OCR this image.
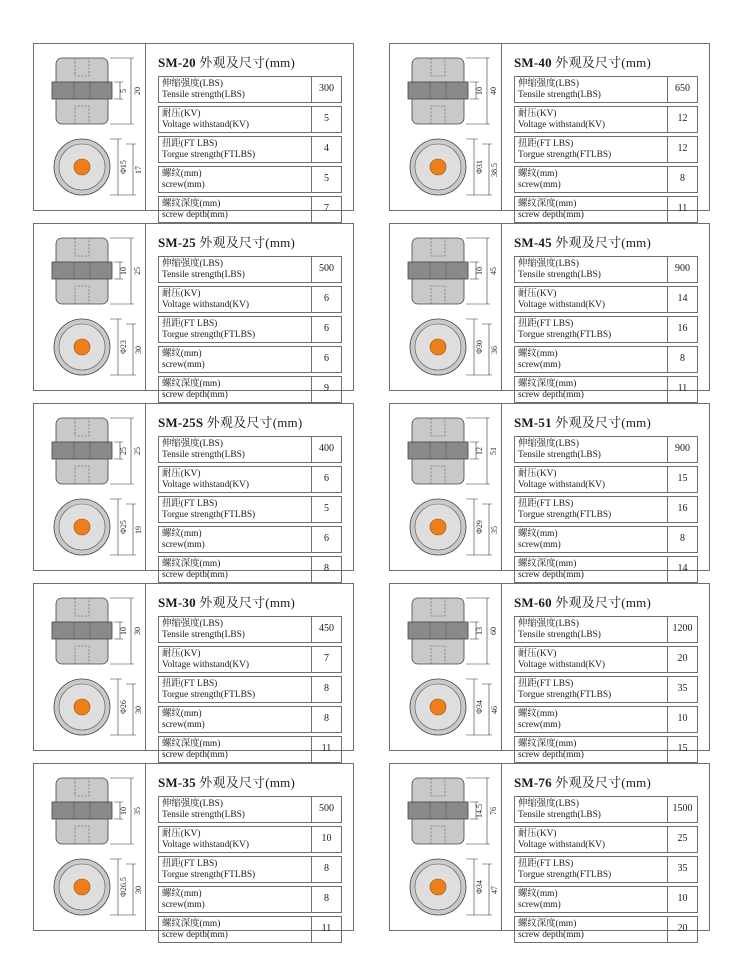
5 20
Φ15 17
SM-20 外观及尺寸(mm)
伸缩强度(LBS)
Tensile strength(LBS)	300

耐压(KV)
Voltage withstand(KV)	5

扭距(FT LBS)
Torgue strength(FTLBS)	4

螺纹(mm)
screw(mm)	5

螺纹深度(mm)
screw depth(mm)	7
10 40
Φ31 38.5
SM-40 外观及尺寸(mm)
伸缩强度(LBS)
Tensile strength(LBS)	650

耐压(KV)
Voltage withstand(KV)	12

扭距(FT LBS)
Torgue strength(FTLBS)	12

螺纹(mm)
screw(mm)	8

螺纹深度(mm)
screw depth(mm)	11
10 25
Φ23 30
SM-25 外观及尺寸(mm)
伸缩强度(LBS)
Tensile strength(LBS)	500

耐压(KV)
Voltage withstand(KV)	6

扭距(FT LBS)
Torgue strength(FTLBS)	6

螺纹(mm)
screw(mm)	6

螺纹深度(mm)
screw depth(mm)	9
10 45
Φ30 36
SM-45 外观及尺寸(mm)
伸缩强度(LBS)
Tensile strength(LBS)	900

耐压(KV)
Voltage withstand(KV)	14

扭距(FT LBS)
Torgue strength(FTLBS)	16

螺纹(mm)
screw(mm)	8

螺纹深度(mm)
screw depth(mm)	11
25 25
Φ25 19
SM-25S 外观及尺寸(mm)
伸缩强度(LBS)
Tensile strength(LBS)	400

耐压(KV)
Voltage withstand(KV)	6

扭距(FT LBS)
Torgue strength(FTLBS)	5

螺纹(mm)
screw(mm)	6

螺纹深度(mm)
screw depth(mm)	8
12 51
Φ29 35
SM-51 外观及尺寸(mm)
伸缩强度(LBS)
Tensile strength(LBS)	900

耐压(KV)
Voltage withstand(KV)	15

扭距(FT LBS)
Torgue strength(FTLBS)	16

螺纹(mm)
screw(mm)	8

螺纹深度(mm)
screw depth(mm)	14
10 30
Φ26 30
SM-30 外观及尺寸(mm)
伸缩强度(LBS)
Tensile strength(LBS)	450

耐压(KV)
Voltage withstand(KV)	7

扭距(FT LBS)
Torgue strength(FTLBS)	8

螺纹(mm)
screw(mm)	8

螺纹深度(mm)
screw depth(mm)	11
13 60
Φ34 46
SM-60 外观及尺寸(mm)
伸缩强度(LBS)
Tensile strength(LBS)	1200

耐压(KV)
Voltage withstand(KV)	20

扭距(FT LBS)
Torgue strength(FTLBS)	35

螺纹(mm)
screw(mm)	10

螺纹深度(mm)
screw depth(mm)	15
10 35
Φ26.5 30
SM-35 外观及尺寸(mm)
伸缩强度(LBS)
Tensile strength(LBS)	500

耐压(KV)
Voltage withstand(KV)	10

扭距(FT LBS)
Torgue strength(FTLBS)	8

螺纹(mm)
screw(mm)	8

螺纹深度(mm)
screw depth(mm)	11
14.5 76
Φ34 47
SM-76 外观及尺寸(mm)
伸缩强度(LBS)
Tensile strength(LBS)	1500

耐压(KV)
Voltage withstand(KV)	25

扭距(FT LBS)
Torgue strength(FTLBS)	35

螺纹(mm)
screw(mm)	10

螺纹深度(mm)
screw depth(mm)	20
